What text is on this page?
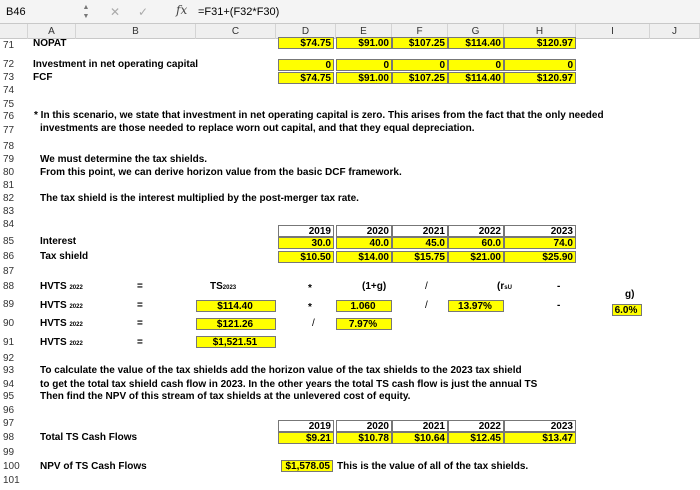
B46	▲
▼ ✕ ✓ fx =F31+(F32*F30)
A	B	C	D	E	F	G	H	I	J
71	NOPAT	$74.75	$91.00	$107.25	$114.40	$120.97
72	Investment in net operating capital	0	0	0	0	0
73	FCF	$74.75	$91.00	$107.25	$114.40	$120.97
74
75
76
77
* In this scenario, we state that investment in net operating capital is zero. This arises from the fact that the only needed
investments are those needed to replace worn out capital, and that they equal depreciation.
78
79	We must determine the tax shields.
80	From this point, we can derive horizon value from the basic DCF framework.
81
82	The tax shield is the interest multiplied by the post-merger tax rate.
83
84
2019	2020	2021	2022	2023
85	Interest	30.0	40.0	45.0	60.0	74.0
86	Tax shield	$10.50	$14.00	$15.75	$21.00	$25.90
87
88	HVTS 2022	=	TS2023	*	(1+g)	/	(rsU	-
g)
89	HVTS 2022	=	$114.40	*	1.060	/	13.97%	-	6.0%
90	HVTS 2022	=	$121.26	/	7.97%
91	HVTS 2022	=	$1,521.51
92
93	To calculate the value of the tax shields add the horizon value of the tax shields to the 2023 tax shield
94	to get the total tax shield cash flow in 2023. In the other years the total TS cash flow is just the annual TS
95	Then find the NPV of this stream of tax shields at the unlevered cost of equity.
96
97	2019	2020	2021	2022	2023
98	Total TS Cash Flows	$9.21	$10.78	$10.64	$12.45	$13.47
99
100	NPV of TS Cash Flows	$1,578.05 This is the value of all of the tax shields.
101
